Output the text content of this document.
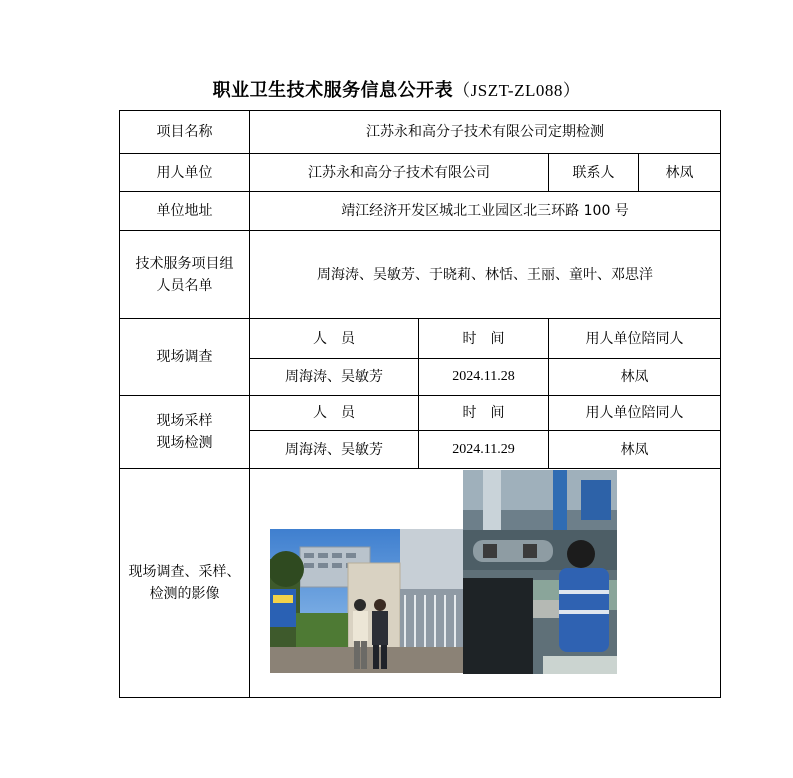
职业卫生技术服务信息公开表（JSZT-ZL088）
项目名称	江苏永和高分子技术有限公司定期检测			
用人单位	江苏永和高分子技术有限公司		联系人	林凤
单位地址	靖江经济开发区城北工业园区北三环路 100 号			

技术服务项目组
人员名单	周海涛、吴敏芳、于晓莉、林恬、王丽、童叶、邓思洋			
现场调查	人　员	时　间	用人单位陪同人	
	周海涛、吴敏芳	2024.11.28	林凤	

现场采样
现场检测	人　员	时　间	用人单位陪同人	
	周海涛、吴敏芳	2024.11.29	林凤	

现场调查、采样、
检测的影像
